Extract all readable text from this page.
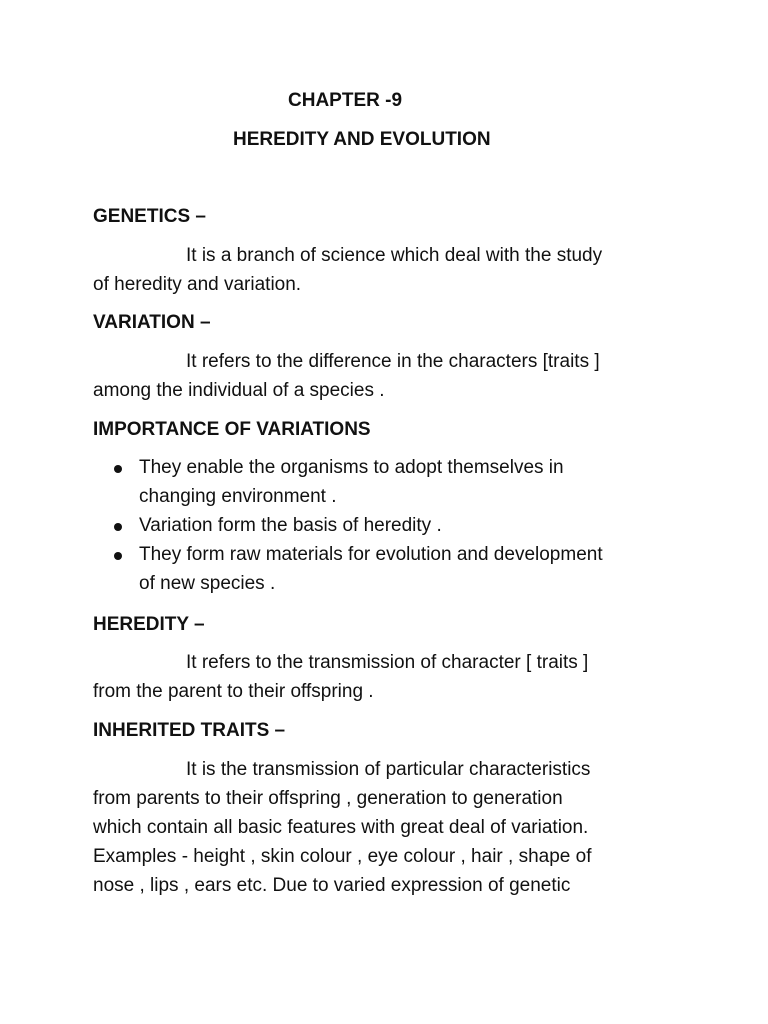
CHAPTER -9
HEREDITY AND EVOLUTION
GENETICS –
It is a branch of science which deal with the study
of heredity and variation.
VARIATION –
It refers to the difference in the characters [traits ]
among the individual of a species .
IMPORTANCE OF VARIATIONS
They enable the organisms to adopt themselves in
changing environment .
Variation form the basis of heredity .
They form raw materials for evolution and development
of new species .
HEREDITY –
It refers to the transmission of character [ traits ]
from the parent to their offspring .
INHERITED TRAITS –
It is the transmission of particular characteristics
from parents to their offspring , generation to generation
which contain all basic features with great deal of variation.
Examples - height , skin colour , eye colour , hair , shape of
nose , lips , ears etc. Due to varied expression of genetic
